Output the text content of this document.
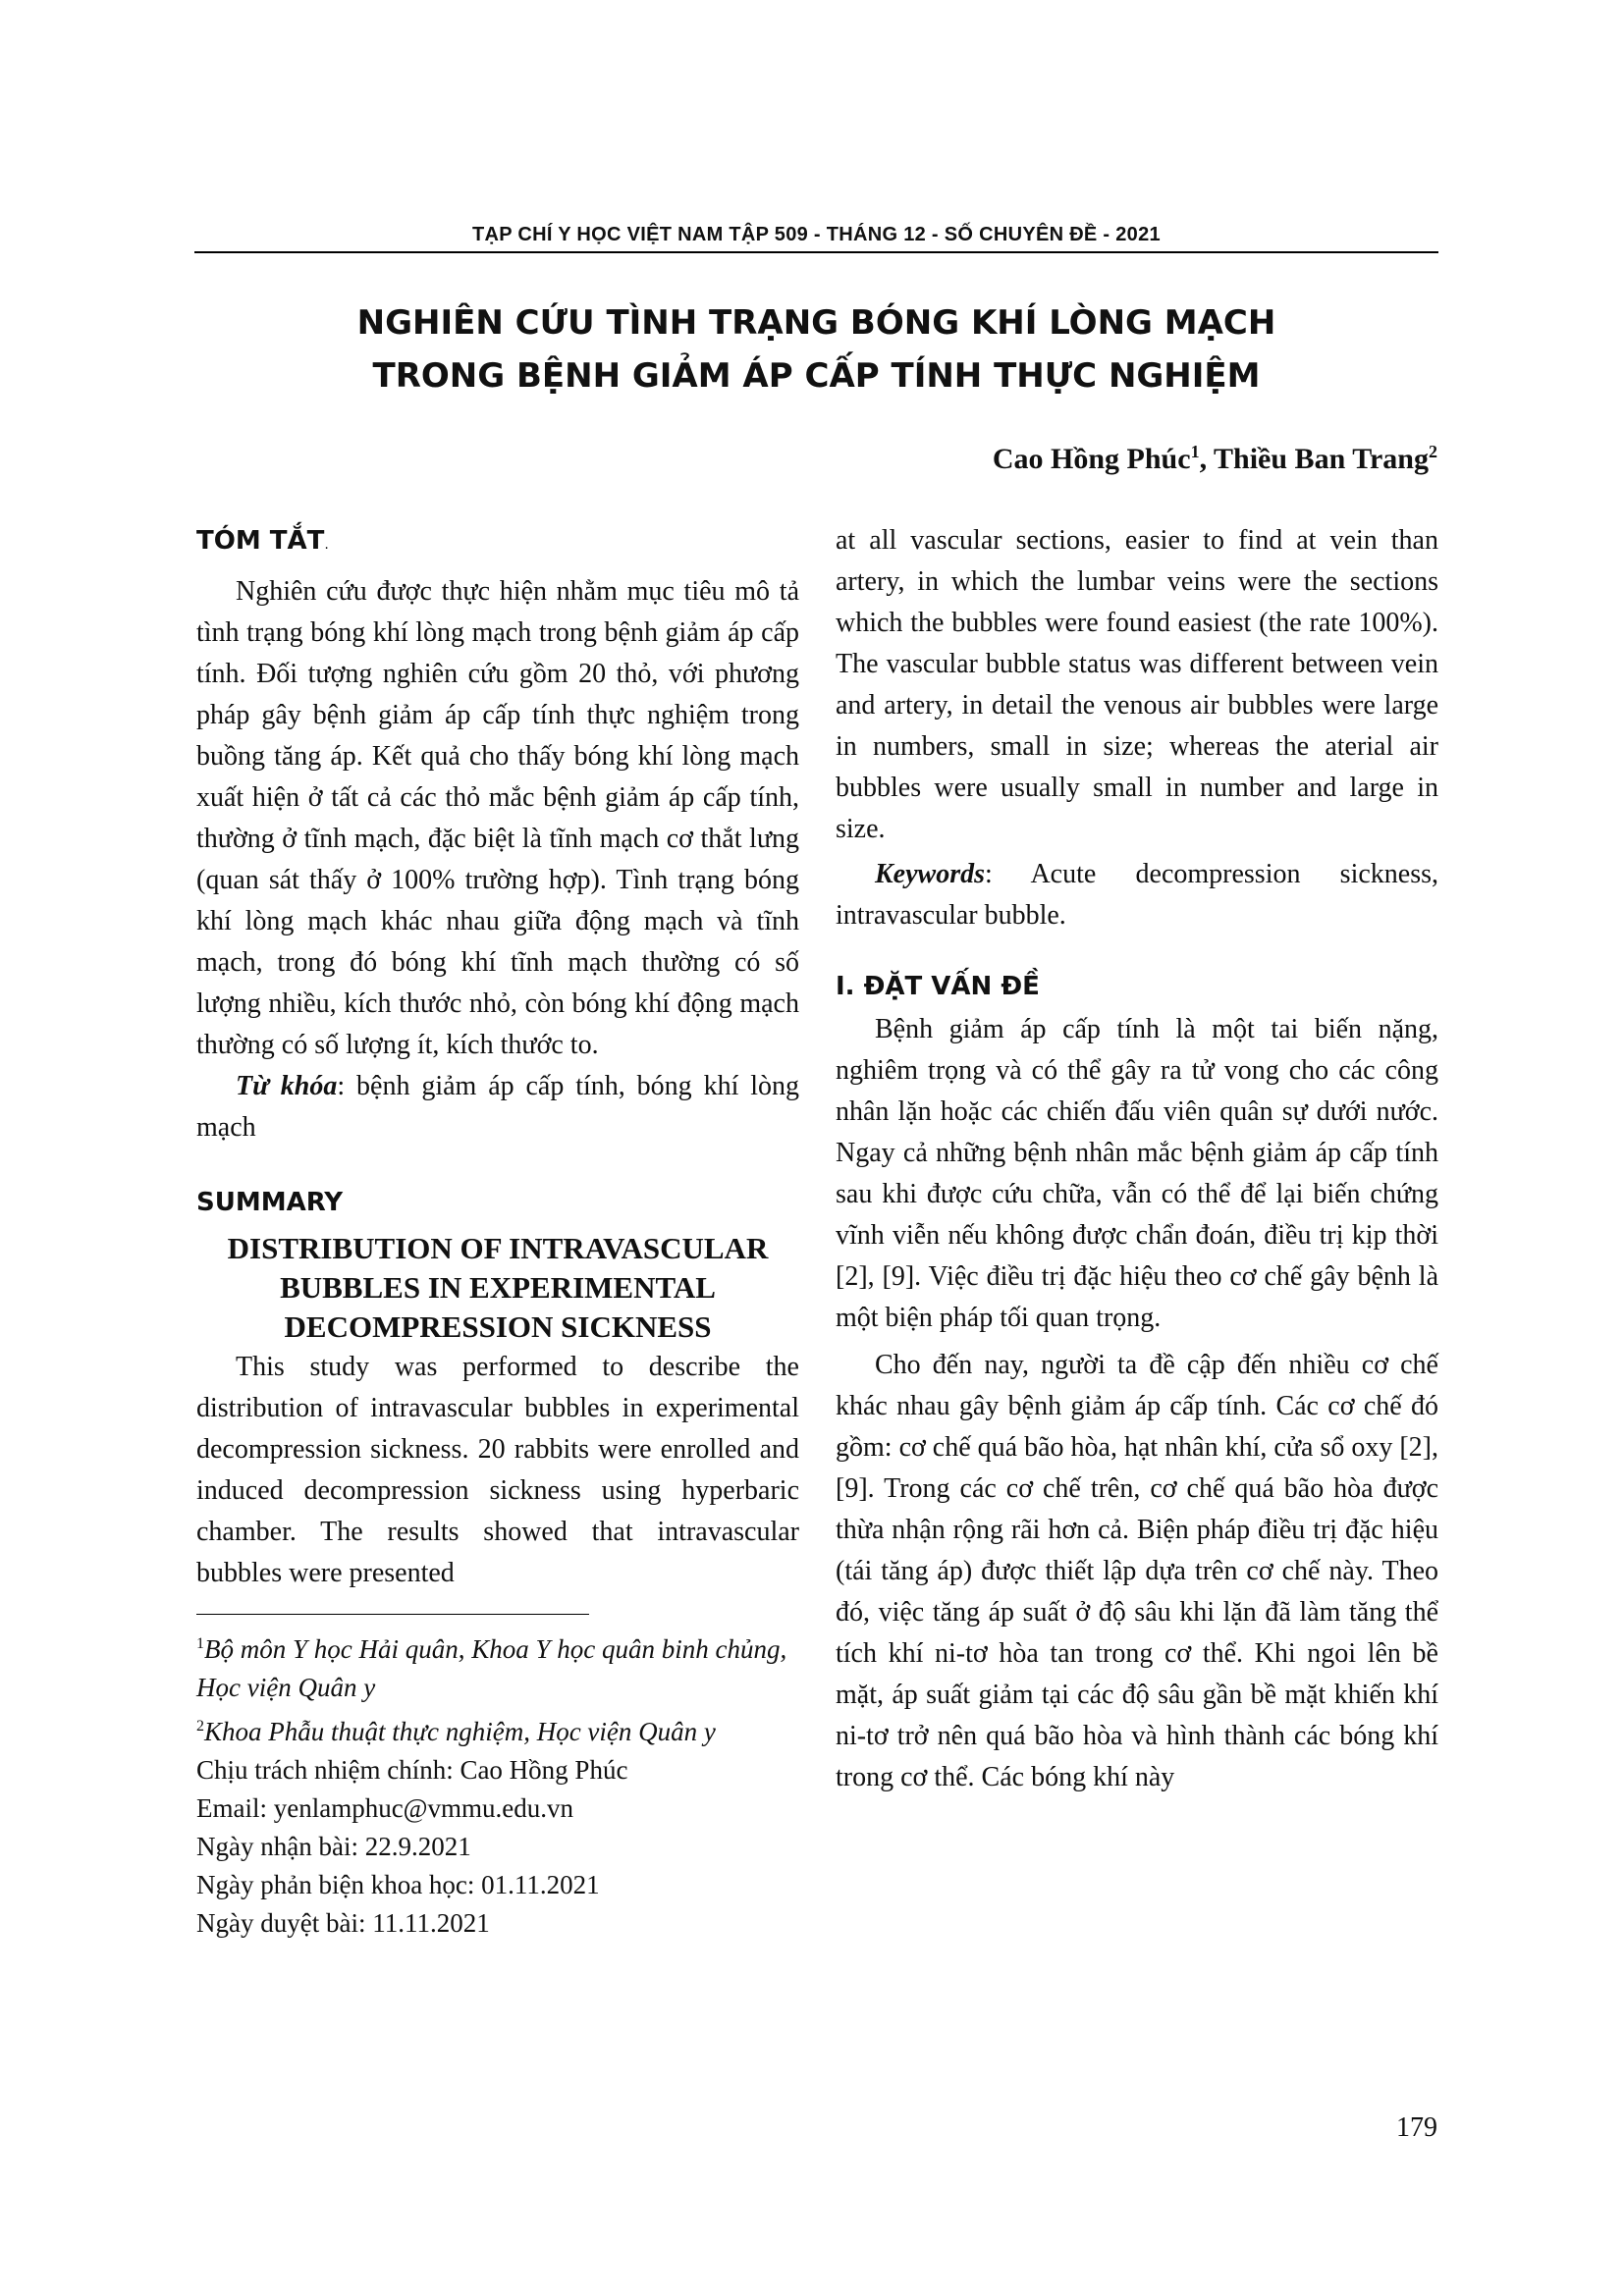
TẠP CHÍ Y HỌC VIỆT NAM TẬP 509 - THÁNG 12 - SỐ CHUYÊN ĐỀ - 2021
NGHIÊN CỨU TÌNH TRẠNG BÓNG KHÍ LÒNG MẠCH
TRONG BỆNH GIẢM ÁP CẤP TÍNH THỰC NGHIỆM
Cao Hồng Phúc$^1$, Thiều Ban Trang$^2$
TÓM TẮT.

Nghiên cứu được thực hiện nhằm mục tiêu mô tả tình trạng bóng khí lòng mạch trong bệnh giảm áp cấp tính. Đối tượng nghiên cứu gồm 20 thỏ, với phương pháp gây bệnh giảm áp cấp tính thực nghiệm trong buồng tăng áp. Kết quả cho thấy bóng khí lòng mạch xuất hiện ở tất cả các thỏ mắc bệnh giảm áp cấp tính, thường ở tĩnh mạch, đặc biệt là tĩnh mạch cơ thắt lưng (quan sát thấy ở 100% trường hợp). Tình trạng bóng khí lòng mạch khác nhau giữa động mạch và tĩnh mạch, trong đó bóng khí tĩnh mạch thường có số lượng nhiều, kích thước nhỏ, còn bóng khí động mạch thường có số lượng ít, kích thước to.

Từ khóa: bệnh giảm áp cấp tính, bóng khí lòng mạch

SUMMARY
DISTRIBUTION OF INTRAVASCULAR
BUBBLES IN EXPERIMENTAL
DECOMPRESSION SICKNESS

This study was performed to describe the distribution of intravascular bubbles in experimental decompression sickness. 20 rabbits were enrolled and induced decompression sickness using hyperbaric chamber. The results showed that intravascular bubbles were presented

$^1$Bộ môn Y học Hải quân, Khoa Y học quân binh chủng, Học viện Quân y

$^2$Khoa Phẫu thuật thực nghiệm, Học viện Quân y

Chịu trách nhiệm chính: Cao Hồng Phúc

Email: yenlamphuc@vmmu.edu.vn

Ngày nhận bài: 22.9.2021

Ngày phản biện khoa học: 01.11.2021

Ngày duyệt bài: 11.11.2021

at all vascular sections, easier to find at vein than artery, in which the lumbar veins were the sections which the bubbles were found easiest (the rate 100%). The vascular bubble status was different between vein and artery, in detail the venous air bubbles were large in numbers, small in size; whereas the aterial air bubbles were usually small in number and large in size.

Keywords: Acute decompression sickness, intravascular bubble.

I. ĐẶT VẤN ĐỀ

Bệnh giảm áp cấp tính là một tai biến nặng, nghiêm trọng và có thể gây ra tử vong cho các công nhân lặn hoặc các chiến đấu viên quân sự dưới nước. Ngay cả những bệnh nhân mắc bệnh giảm áp cấp tính sau khi được cứu chữa, vẫn có thể để lại biến chứng vĩnh viễn nếu không được chẩn đoán, điều trị kịp thời [2], [9]. Việc điều trị đặc hiệu theo cơ chế gây bệnh là một biện pháp tối quan trọng.

Cho đến nay, người ta đề cập đến nhiều cơ chế khác nhau gây bệnh giảm áp cấp tính. Các cơ chế đó gồm: cơ chế quá bão hòa, hạt nhân khí, cửa sổ oxy [2], [9]. Trong các cơ chế trên, cơ chế quá bão hòa được thừa nhận rộng rãi hơn cả. Biện pháp điều trị đặc hiệu (tái tăng áp) được thiết lập dựa trên cơ chế này. Theo đó, việc tăng áp suất ở độ sâu khi lặn đã làm tăng thể tích khí ni-tơ hòa tan trong cơ thể. Khi ngoi lên bề mặt, áp suất giảm tại các độ sâu gần bề mặt khiến khí ni-tơ trở nên quá bão hòa và hình thành các bóng khí trong cơ thể. Các bóng khí này

179
